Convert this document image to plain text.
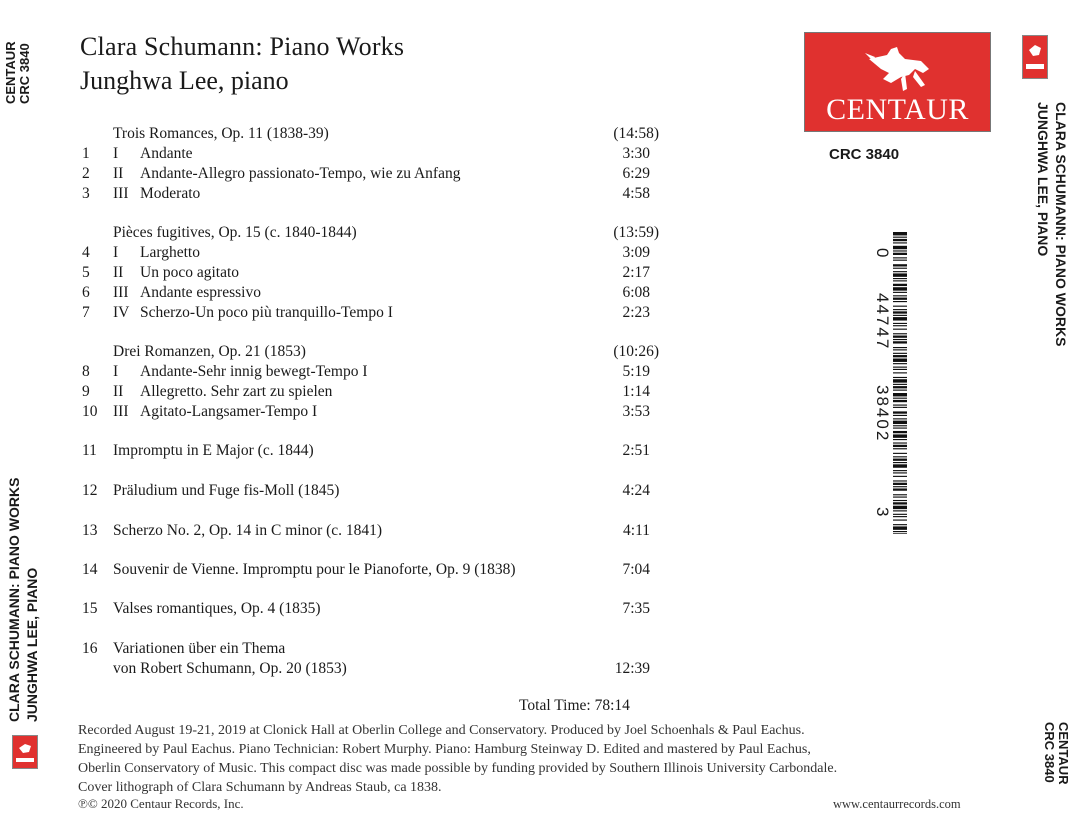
CENTAUR CRC 3840
CLARA SCHUMANN: PIANO WORKS JUNGHWA LEE, PIANO
CLARA SCHUMANN: PIANO WORKS
JUNGHWA LEE, PIANO
CENTAUR
CRC 3840
Clara Schumann: Piano Works
Junghwa Lee, piano
CENTAUR
CRC 3840
0
44747
38402
3
Trois Romances, Op. 11 (1838-39)	(14:58)
1	I Andante	3:30
2	II Andante-Allegro passionato-Tempo, wie zu Anfang	6:29
3	III Moderato	4:58
Pièces fugitives, Op. 15 (c. 1840-1844)	(13:59)
4	I Larghetto	3:09
5	II Un poco agitato	2:17
6	III Andante espressivo	6:08
7	IV Scherzo-Un poco più tranquillo-Tempo I	2:23
Drei Romanzen, Op. 21 (1853)	(10:26)
8	I Andante-Sehr innig bewegt-Tempo I	5:19
9	II Allegretto. Sehr zart zu spielen	1:14
10	III Agitato-Langsamer-Tempo I	3:53
11	Impromptu in E Major (c. 1844)	2:51
12	Präludium und Fuge fis-Moll (1845)	4:24
13	Scherzo No. 2, Op. 14 in C minor (c. 1841)	4:11
14	Souvenir de Vienne. Impromptu pour le Pianoforte, Op. 9 (1838)	7:04
15	Valses romantiques, Op. 4 (1835)	7:35
16	Variationen über ein Thema
von Robert Schumann, Op. 20 (1853)	12:39
Total Time: 78:14
Recorded August 19-21, 2019 at Clonick Hall at Oberlin College and Conservatory. Produced by Joel Schoenhals & Paul Eachus.
Engineered by Paul Eachus. Piano Technician: Robert Murphy. Piano: Hamburg Steinway D. Edited and mastered by Paul Eachus,
Oberlin Conservatory of Music. This compact disc was made possible by funding provided by Southern Illinois University Carbondale.
Cover lithograph of Clara Schumann by Andreas Staub, ca 1838.
℗© 2020 Centaur Records, Inc.	www.centaurrecords.com
